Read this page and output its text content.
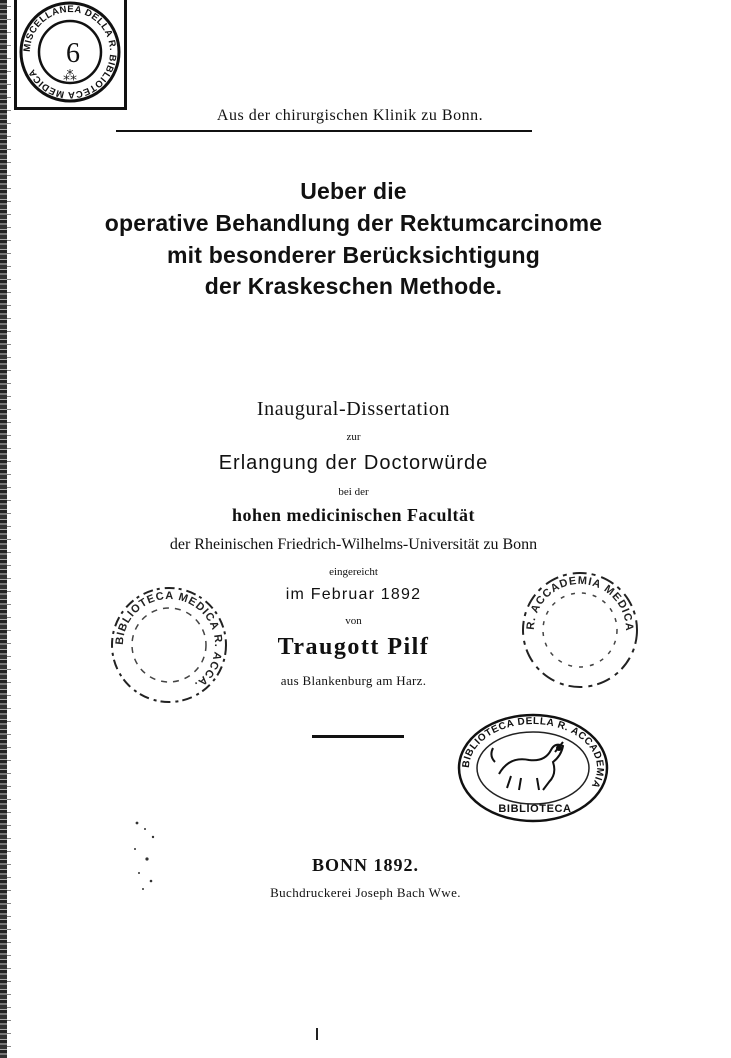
MISCELLANEA DELLA R. BIBLIOTECA MEDICA
6
⁂
Aus der chirurgischen Klinik zu Bonn.
Ueber die
operative Behandlung der Rektumcarcinome
mit besonderer Berücksichtigung
der Kraskeschen Methode.
Inaugural-Dissertation
zur
Erlangung der Doctorwürde
bei der
hohen medicinischen Facultät
der Rheinischen Friedrich-Wilhelms-Universität zu Bonn
eingereicht
im Februar 1892
von
Traugott Pilf
aus Blankenburg am Harz.
BONN 1892.
Buchdruckerei Joseph Bach Wwe.
BIBLIOTECA MEDICA R. ACCA.
R. ACCADEMIA MEDICA
BIBLIOTECA DELLA R. ACCADEMIA
BIBLIOTECA
